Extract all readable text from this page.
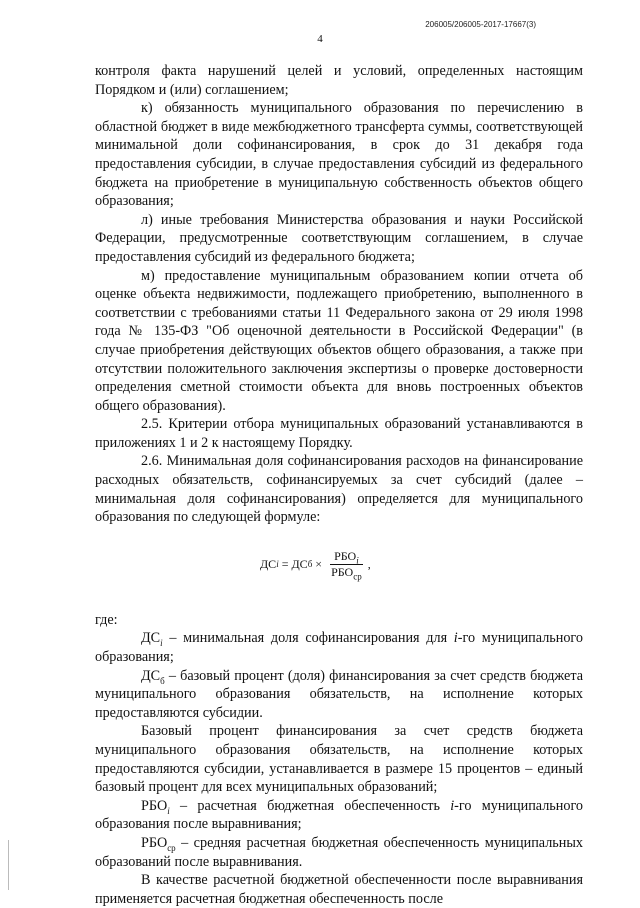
206005/206005-2017-17667(3)
4

контроля факта нарушений целей и условий, определенных настоящим Порядком и (или) соглашением;

к) обязанность муниципального образования по перечислению в областной бюджет в виде межбюджетного трансферта суммы, соответствующей минимальной доли софинансирования, в срок до 31 декабря года предоставления субсидии, в случае предоставления субсидий из федерального бюджета на приобретение в муниципальную собственность объектов общего образования;

л) иные требования Министерства образования и науки Российской Федерации, предусмотренные соответствующим соглашением, в случае предоставления субсидий из федерального бюджета;

м) предоставление муниципальным образованием копии отчета об оценке объекта недвижимости, подлежащего приобретению, выполненного в соответствии с требованиями статьи 11 Федерального закона от 29 июля 1998 года № 135-ФЗ "Об оценочной деятельности в Российской Федерации" (в случае приобретения действующих объектов общего образования, а также при отсутствии положительного заключения экспертизы о проверке достоверности определения сметной стоимости объекта для вновь построенных объектов общего образования).

2.5. Критерии отбора муниципальных образований устанавливаются в приложениях 1 и 2 к настоящему Порядку.

2.6. Минимальная доля софинансирования расходов на финансирование расходных обязательств, софинансируемых за счет субсидий (далее – минимальная доля софинансирования) определяется для муниципального образования по следующей формуле:

ДС i = ДС $б \times \frac{РБО_i}{РБО_{ср}}$ ,

где:

$ДС_i$ – минимальная доля софинансирования для i-го муниципального образования;

$ДС_б$ – базовый процент (доля) финансирования за счет средств бюджета муниципального образования обязательств, на исполнение которых предоставляются субсидии.

Базовый процент финансирования за счет средств бюджета муниципального образования обязательств, на исполнение которых предоставляются субсидии, устанавливается в размере 15 процентов – единый базовый процент для всех муниципальных образований;

$РБО_i$ – расчетная бюджетная обеспеченность i-го муниципального образования после выравнивания;

$РБО_{ср}$ – средняя расчетная бюджетная обеспеченность муниципальных образований после выравнивания.

В качестве расчетной бюджетной обеспеченности после выравнивания применяется расчетная бюджетная обеспеченность после
